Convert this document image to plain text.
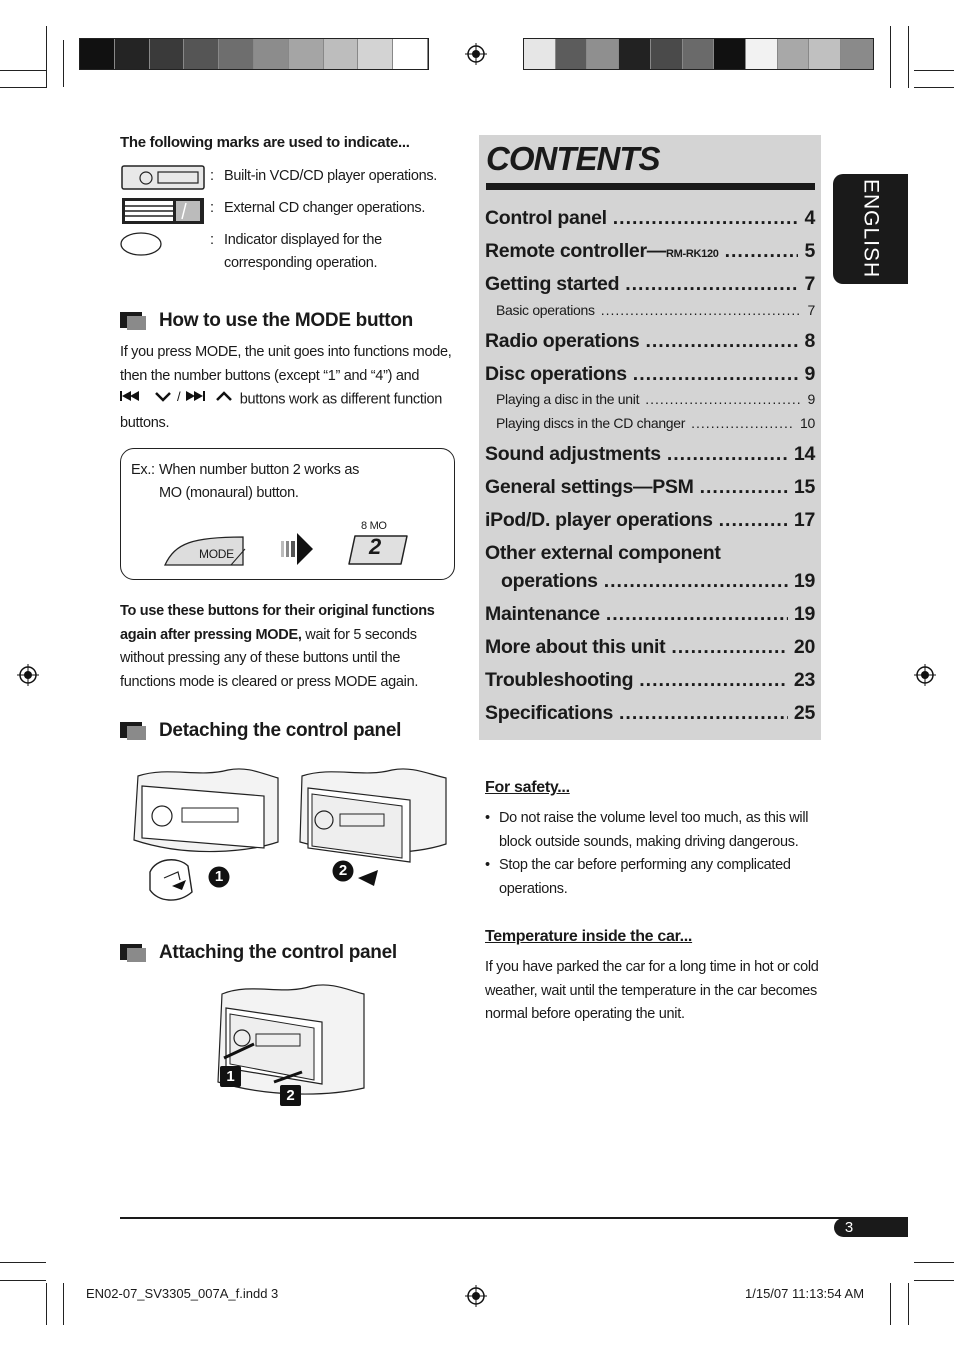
The following marks are used to indicate...
: Built-in VCD/CD player operations.
: External CD changer operations.
: Indicator displayed for the corresponding operation.
How to use the MODE button
If you press MODE, the unit goes into functions mode, then the number buttons (except “1” and “4”) and

/	buttons work as different function buttons.
Ex.: When number button 2 works as
MO (monaural) button.
MODE
8 MO
2
To use these buttons for their original functions again after pressing MODE, wait for 5 seconds without pressing any of these buttons until the functions mode is cleared or press MODE again.
Detaching the control panel
1	2
Attaching the control panel
1
2
CONTENTS
Control panel .....	4
Remote controller— RM-RK120 .....	5
Getting started .....	7
Basic operations .....	7
Radio operations .....	8
Disc operations .....	9
Playing a disc in the unit .....	9
Playing discs in the CD changer .....	10
Sound adjustments .....	14
General settings—PSM .....	15
iPod/D. player operations .....	17
Other external component
operations .....	19
Maintenance .....	19
More about this unit .....	20
Troubleshooting .....	23
Specifications .....	25
ENGLISH
For safety...
• Do not raise the volume level too much, as this will block outside sounds, making driving dangerous.
• Stop the car before performing any complicated operations.
Temperature inside the car...
If you have parked the car for a long time in hot or cold weather, wait until the temperature in the car becomes normal before operating the unit.
3
EN02-07_SV3305_007A_f.indd 3	1/15/07 11:13:54 AM
